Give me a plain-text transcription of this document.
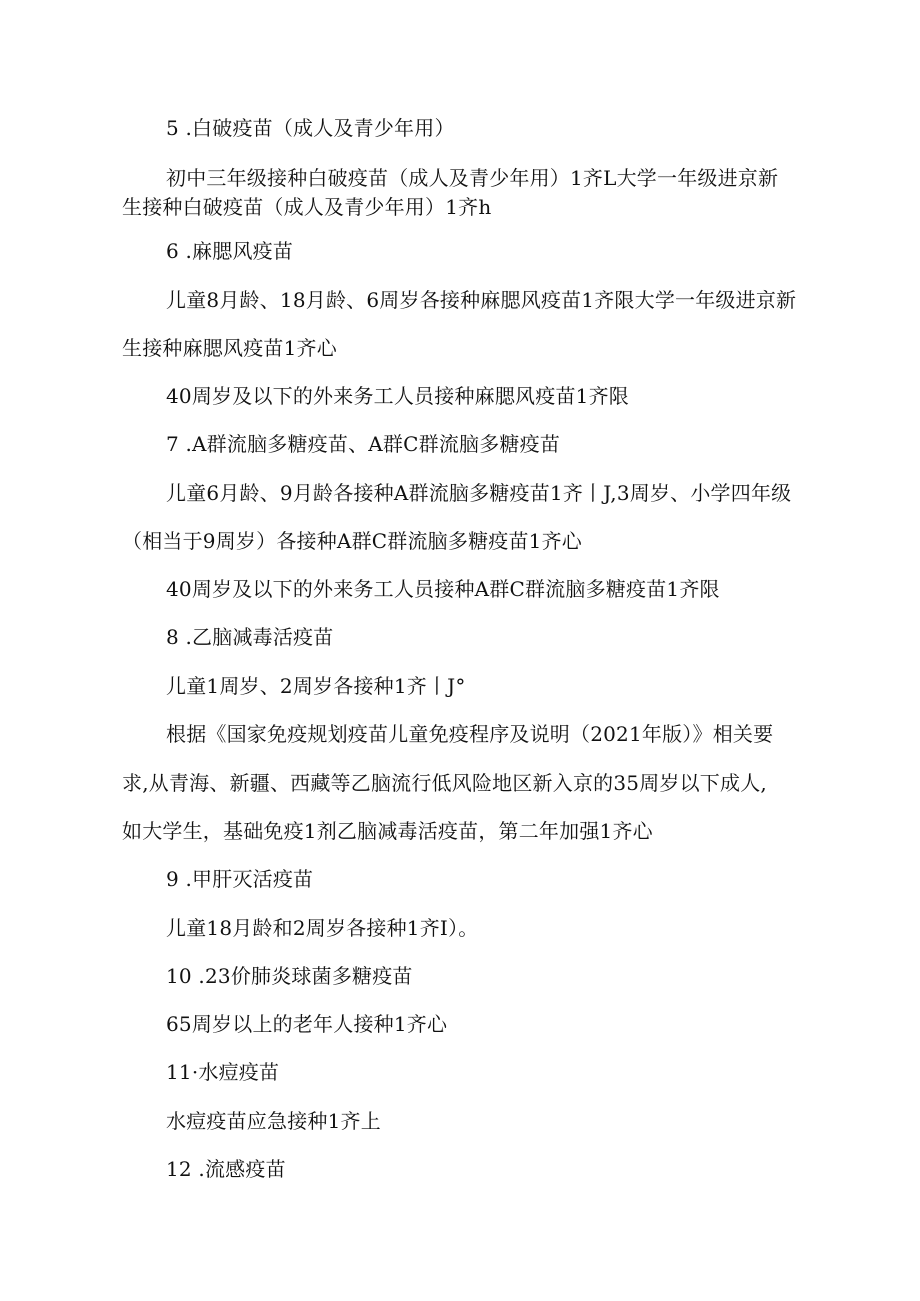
5 .白破疫苗（成人及青少年用）
初中三年级接种白破疫苗（成人及青少年用）1齐L大学一年级进京新
生接种白破疫苗（成人及青少年用）1齐h
6 .麻腮风疫苗
儿童8月龄、18月龄、6周岁各接种麻腮风疫苗1齐限大学一年级进京新
生接种麻腮风疫苗1齐心
40周岁及以下的外来务工人员接种麻腮风疫苗1齐限
7 .A群流脑多糖疫苗、A群C群流脑多糖疫苗
儿童6月龄、9月龄各接种A群流脑多糖疫苗1齐丨J,3周岁、小学四年级
（相当于9周岁）各接种A群C群流脑多糖疫苗1齐心
40周岁及以下的外来务工人员接种A群C群流脑多糖疫苗1齐限
8 .乙脑减毒活疫苗
儿童1周岁、2周岁各接种1齐丨J°
根据《国家免疫规划疫苗儿童免疫程序及说明（2021年版）》相关要
求,从青海、新疆、西藏等乙脑流行低风险地区新入京的35周岁以下成人,
如大学生，基础免疫1剂乙脑减毒活疫苗，第二年加强1齐心
9 .甲肝灭活疫苗
儿童18月龄和2周岁各接种1齐I）。
10 .23价肺炎球菌多糖疫苗
65周岁以上的老年人接种1齐心
11·水痘疫苗
水痘疫苗应急接种1齐上
12 .流感疫苗
